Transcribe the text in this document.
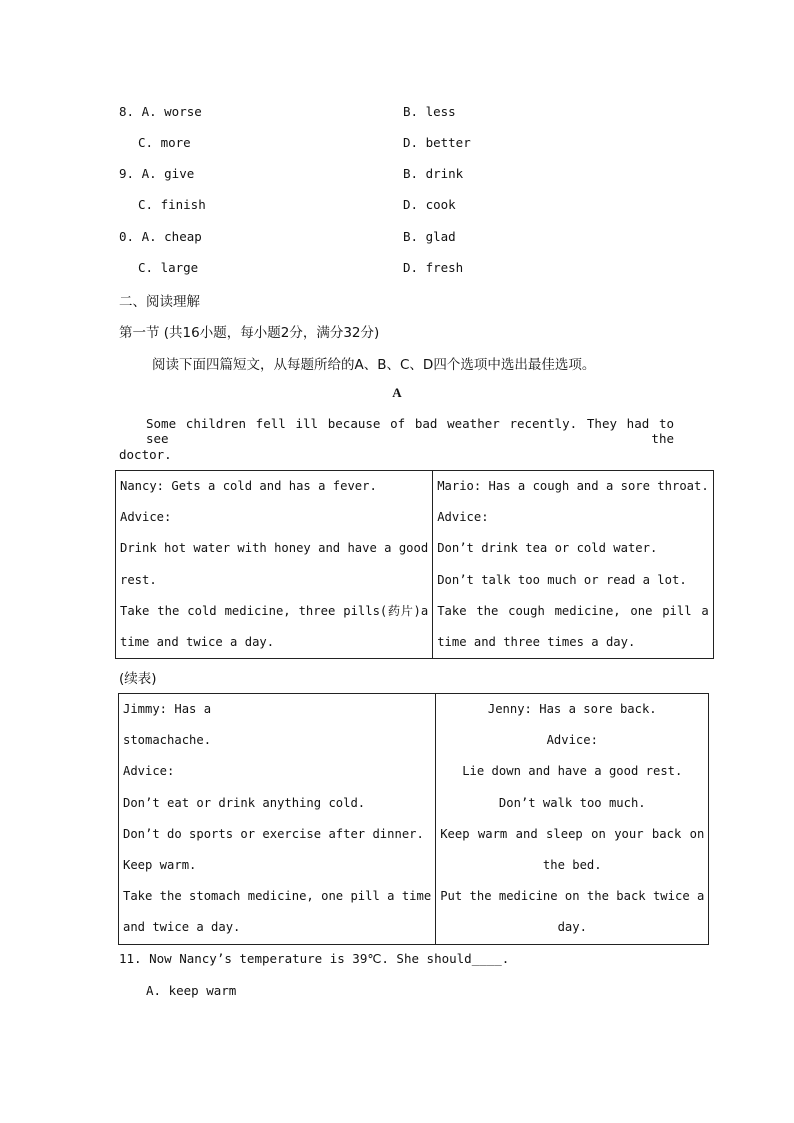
8. A. worse	B. less
C. more	D. better
9. A. give	B. drink
C. finish	D. cook
0. A. cheap	B. glad
C. large	D. fresh
二、阅读理解
第一节 (共16小题，每小题2分，满分32分)
阅读下面四篇短文，从每题所给的A、B、C、D四个选项中选出最佳选项。
A
Some children fell ill because of bad weather recently. They had to see the
doctor.
Nancy: Gets a cold and has a fever.
Advice:
Drink hot water with honey and have a good
rest.
Take the cold medicine, three pills(药片)a
time and twice a day.

Mario: Has a cough and a sore throat.
Advice:
Don’t drink tea or cold water.
Don’t talk too much or read a lot.
Take the cough medicine, one pill a
time and three times a day.
(续表)
Jimmy: Has a
stomachache.
Advice:
Don’t eat or drink anything cold.
Don’t do sports or exercise after dinner.
Keep warm.
Take the stomach medicine, one pill a time
and twice a day.

Jenny: Has a sore back.
Advice:
Lie down and have a good rest.
Don’t walk too much.
Keep warm and sleep on your back on
the bed.
Put the medicine on the back twice a
day.
11. Now Nancy’s temperature is 39℃. She should____.
A. keep warm
